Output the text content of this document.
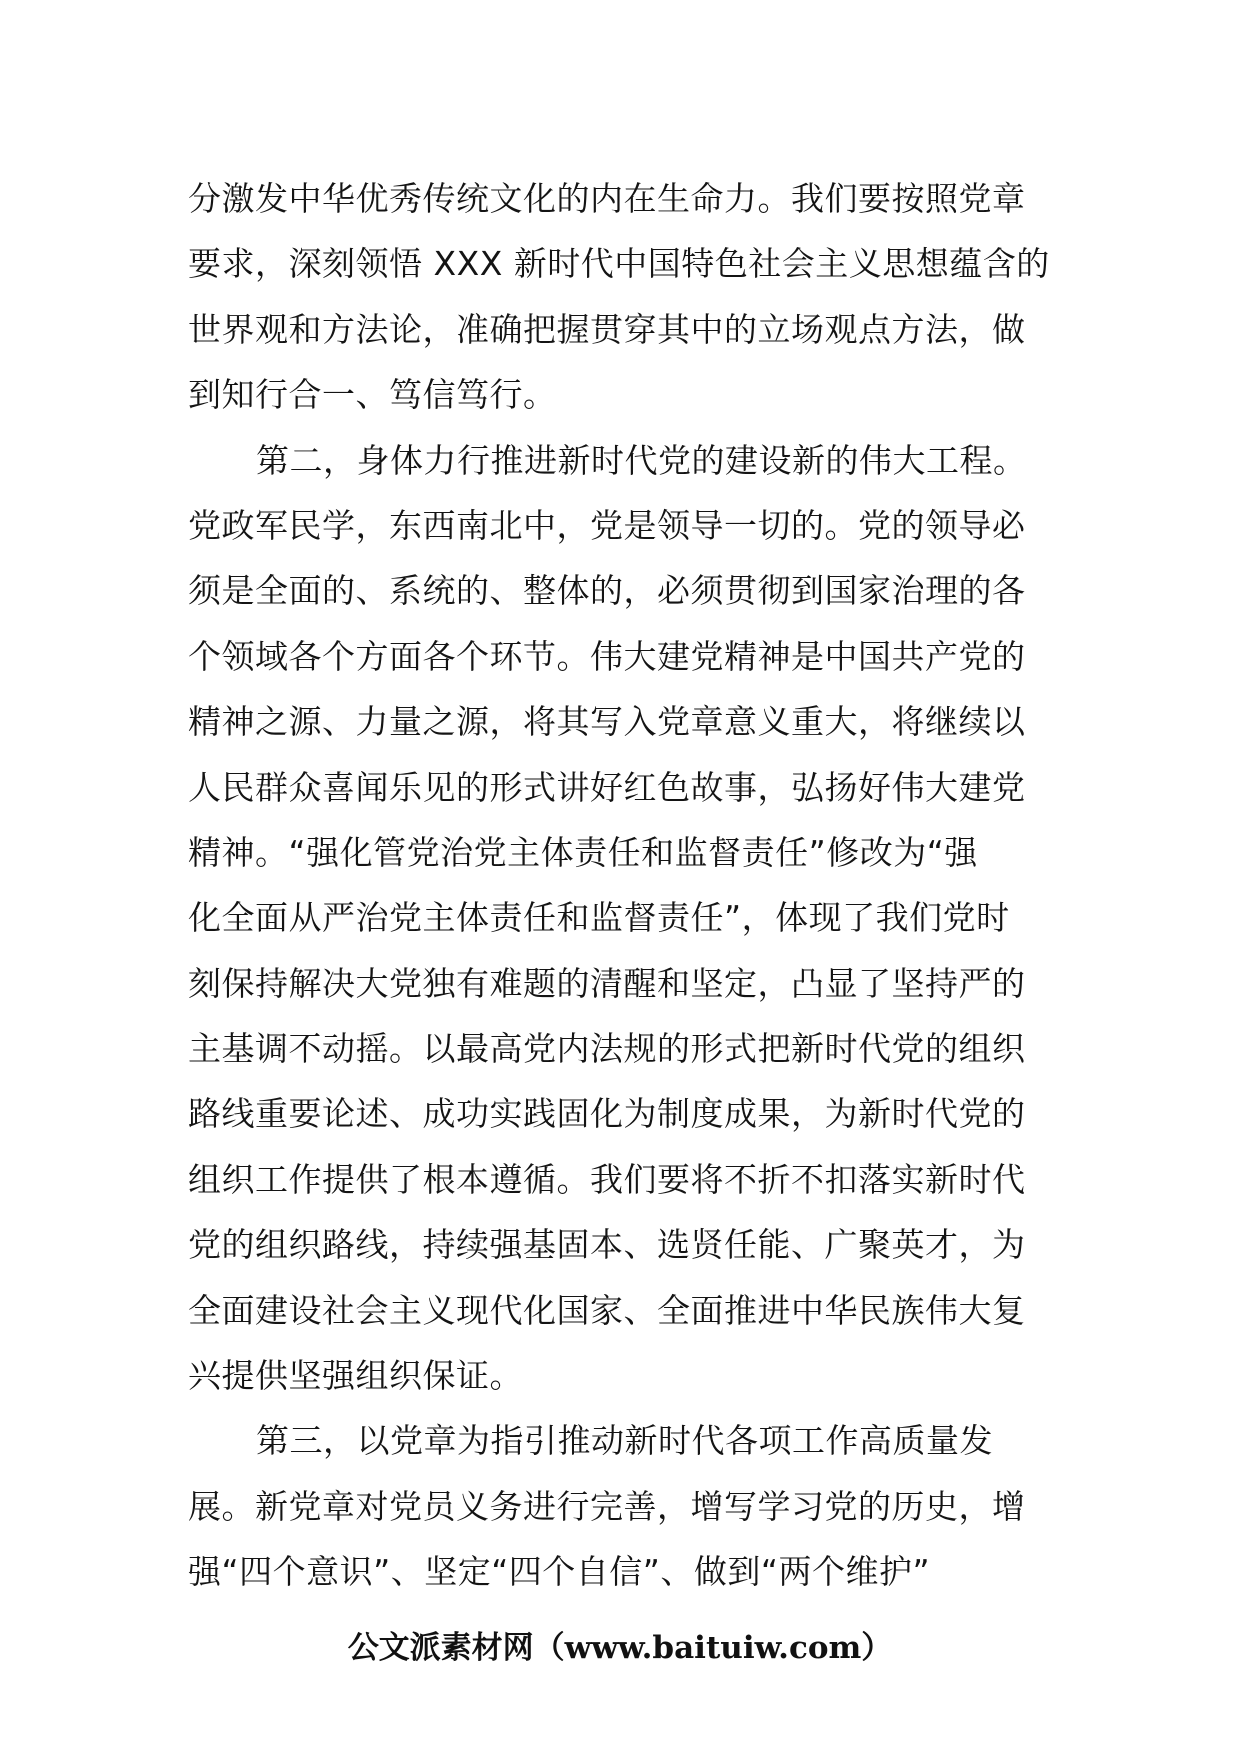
分激发中华优秀传统文化的内在生命力。我们要按照党章
要求，深刻领悟 XXX 新时代中国特色社会主义思想蕴含的
世界观和方法论，准确把握贯穿其中的立场观点方法，做
到知行合一、笃信笃行。
第二，身体力行推进新时代党的建设新的伟大工程。
党政军民学，东西南北中，党是领导一切的。党的领导必
须是全面的、系统的、整体的，必须贯彻到国家治理的各
个领域各个方面各个环节。伟大建党精神是中国共产党的
精神之源、力量之源，将其写入党章意义重大，将继续以
人民群众喜闻乐见的形式讲好红色故事，弘扬好伟大建党
精神。“强化管党治党主体责任和监督责任”修改为“强
化全面从严治党主体责任和监督责任”，体现了我们党时
刻保持解决大党独有难题的清醒和坚定，凸显了坚持严的
主基调不动摇。以最高党内法规的形式把新时代党的组织
路线重要论述、成功实践固化为制度成果，为新时代党的
组织工作提供了根本遵循。我们要将不折不扣落实新时代
党的组织路线，持续强基固本、选贤任能、广聚英才，为
全面建设社会主义现代化国家、全面推进中华民族伟大复
兴提供坚强组织保证。
第三，以党章为指引推动新时代各项工作高质量发
展。新党章对党员义务进行完善，增写学习党的历史，增
强“四个意识”、坚定“四个自信”、做到“两个维护”
公文派素材网（www.baituiw.com）
